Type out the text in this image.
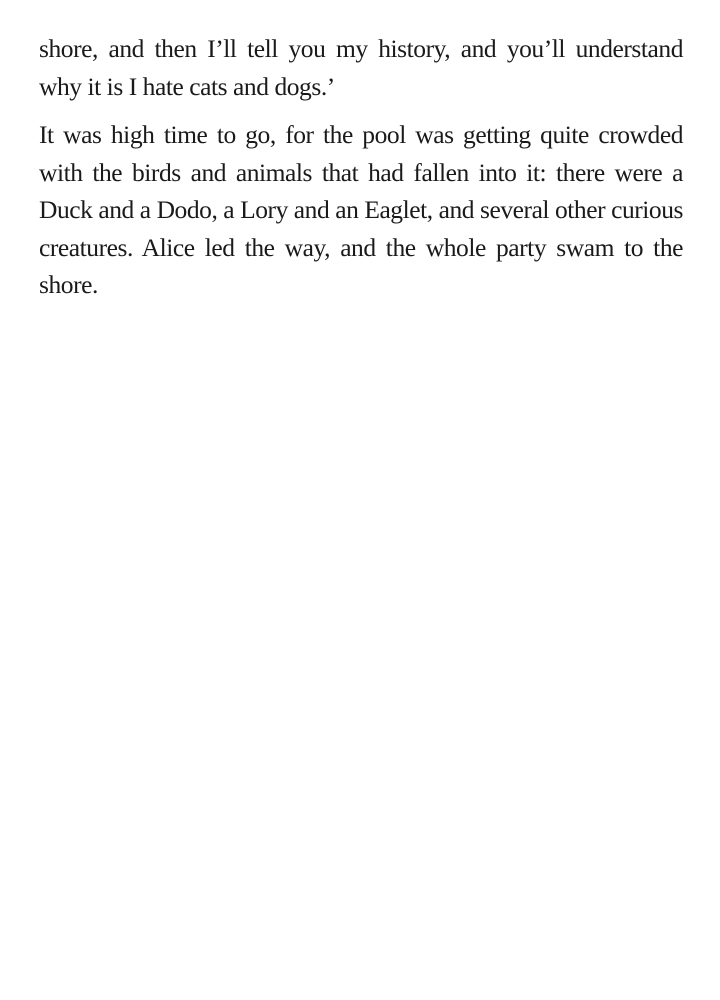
shore, and then I’ll tell you my history, and you’ll understand why it is I hate cats and dogs.’

It was high time to go, for the pool was getting quite crowded with the birds and animals that had fallen into it: there were a Duck and a Dodo, a Lory and an Eaglet, and several other curious creatures. Alice led the way, and the whole party swam to the shore.
